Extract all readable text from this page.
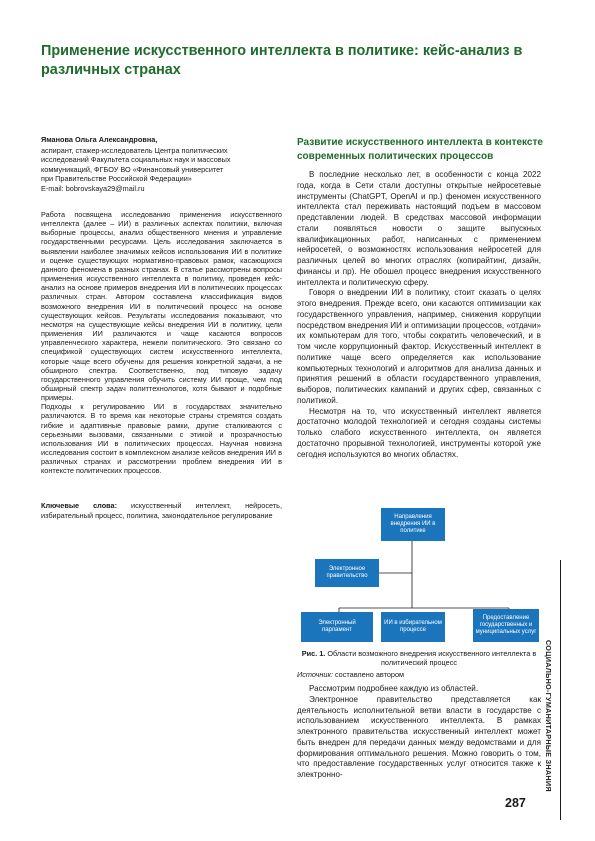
Применение искусственного интеллекта в политике: кейс-анализ в различных странах

Яманова Ольга Александровна,

аспирант, стажер-исследователь Центра политических
исследований Факультета социальных наук и массовых
коммуникаций, ФГБОУ ВО «Финансовый университет
при Правительстве Российской Федерации»
E-mail: bobrovskaya29@mail.ru

Работа посвящена исследованию применения искусственного интеллекта (далее – ИИ) в различных аспектах политики, включая выборные процессы, анализ общественного мнения и управление государственными ресурсами. Цель исследования заключается в выявлении наиболее значимых кейсов использования ИИ в политике и оценке существующих нормативно-правовых рамок, касающихся данного феномена в разных странах. В статье рассмотрены вопросы применения искусственного интеллекта в политику, проведен кейс-анализ на основе примеров внедрения ИИ в политических процессах различных стран. Автором составлена классификация видов возможного внедрения ИИ в политический процесс на основе существующих кейсов. Результаты исследования показывают, что несмотря на существующие кейсы внедрения ИИ в политику, цели применения ИИ различаются и чаще касаются вопросов управленческого характера, нежели политического. Это связано со спецификой существующих систем искусственного интеллекта, которые чаще всего обучены для решения конкретной задачи, а не обширного спектра. Соответственно, под типовую задачу государственного управления обучить систему ИИ проще, чем под обширный спектр задач политтехнологов, хотя бывают и подобные примеры.

Подходы к регулированию ИИ в государствах значительно различаются. В то время как некоторые страны стремятся создать гибкие и адаптивные правовые рамки, другие сталкиваются с серьезными вызовами, связанными с этикой и прозрачностью использования ИИ в политических процессах. Научная новизна исследования состоит в комплексном анализе кейсов внедрения ИИ в различных странах и рассмотрении проблем внедрения ИИ в контексте политических процессов.

Ключевые слова: искусственный интеллект, нейросеть, избирательный процесс, политика, законодательное регулирование
Развитие искусственного интеллекта в контексте современных политических процессов

В последние несколько лет, в особенности с конца 2022 года, когда в Сети стали доступны открытые нейросетевые инструменты (ChatGPT, OpenAI и пр.) феномен искусственного интеллекта стал переживать настоящий подъем в массовом представлении людей. В средствах массовой информации стали появляться новости о защите выпускных квалификационных работ, написанных с применением нейросетей, о возможностях использования нейросетей для различных целей во многих отраслях (копирайтинг, дизайн, финансы и пр). Не обошел процесс внедрения искусственного интеллекта и политическую сферу.

Говоря о внедрении ИИ в политику, стоит сказать о целях этого внедрения. Прежде всего, они касаются оптимизации как государственного управления, например, снижения коррупции посредством внедрения ИИ и оптимизации процессов, «отдачи» их компьютерам для того, чтобы сократить человеческий, и в том числе коррупционный фактор. Искусственный интеллект в политике чаще всего определяется как использование компьютерных технологий и алгоритмов для анализа данных и принятия решений в области государственного управления, выборов, политических кампаний и других сфер, связанных с политикой.

Несмотря на то, что искусственный интеллект является достаточно молодой технологией и сегодня созданы системы только слабого искусственного интеллекта, он является достаточно прорывной технологией, инструменты которой уже сегодня используются во многих областях.

Направления внедрения ИИ в политике
Электронное правительство
Электронный парламент
ИИ в избирательном процессе
Предоставление государственных и муниципальных услуг
Рис. 1. Области возможного внедрения искусственного интеллекта в политический процесс
Источник: составлено автором

Рассмотрим подробнее каждую из областей.

Электронное правительство представляется как деятельность исполнительной ветви власти в государстве с использованием искусственного интеллекта. В рамках электронного правительства искусственный интеллект может быть внедрен для передачи данных между ведомствами и для формирования оптимального решения. Можно говорить о том, что предоставление государственных услуг относится также к электронно-	СОЦИАЛЬНО-ГУМАНИТАРНЫЕ ЗНАНИЯ
287
